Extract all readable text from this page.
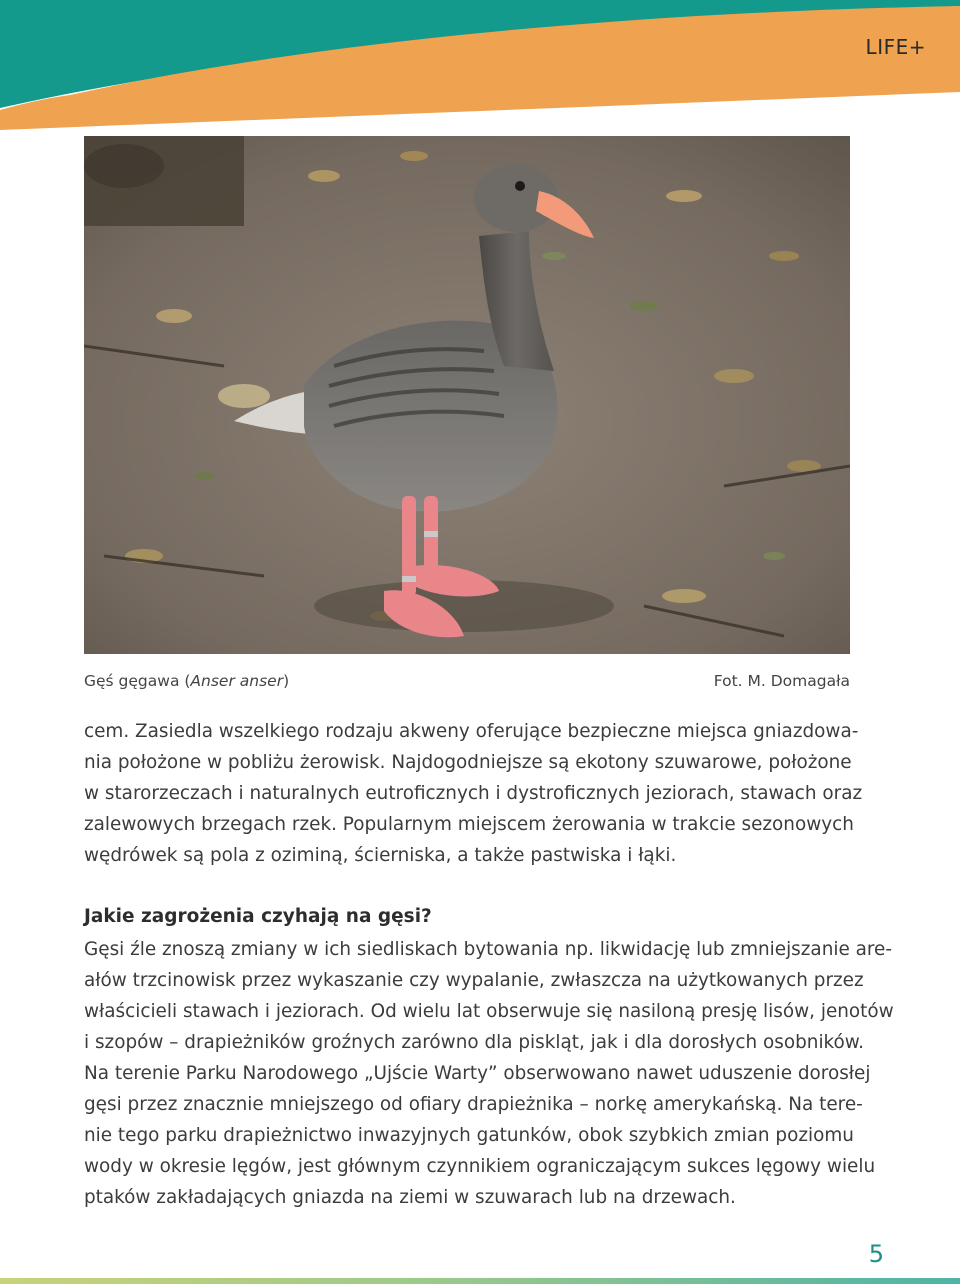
LIFE+
Gęś gęgawa (Anser anser)	Fot. M. Domagała
cem. Zasiedla wszelkiego rodzaju akweny oferujące bezpieczne miejsca gniazdowa-
nia położone w pobliżu żerowisk. Najdogodniejsze są ekotony szuwarowe, położone
w starorzeczach i naturalnych eutroficznych i dystroficznych jeziorach, stawach oraz
zalewowych brzegach rzek. Popularnym miejscem żerowania w trakcie sezonowych
wędrówek są pola z oziminą, ścierniska, a także pastwiska i łąki.
Jakie zagrożenia czyhają na gęsi?
Gęsi źle znoszą zmiany w ich siedliskach bytowania np. likwidację lub zmniejszanie are-
ałów trzcinowisk przez wykaszanie czy wypalanie, zwłaszcza na użytkowanych przez
właścicieli stawach i jeziorach. Od wielu lat obserwuje się nasiloną presję lisów, jenotów
i szopów – drapieżników groźnych zarówno dla piskląt, jak i dla dorosłych osobników.
Na terenie Parku Narodowego „Ujście Warty” obserwowano nawet uduszenie dorosłej
gęsi przez znacznie mniejszego od ofiary drapieżnika – norkę amerykańską. Na tere-
nie tego parku drapieżnictwo inwazyjnych gatunków, obok szybkich zmian poziomu
wody w okresie lęgów, jest głównym czynnikiem ograniczającym sukces lęgowy wielu
ptaków zakładających gniazda na ziemi w szuwarach lub na drzewach.
5
